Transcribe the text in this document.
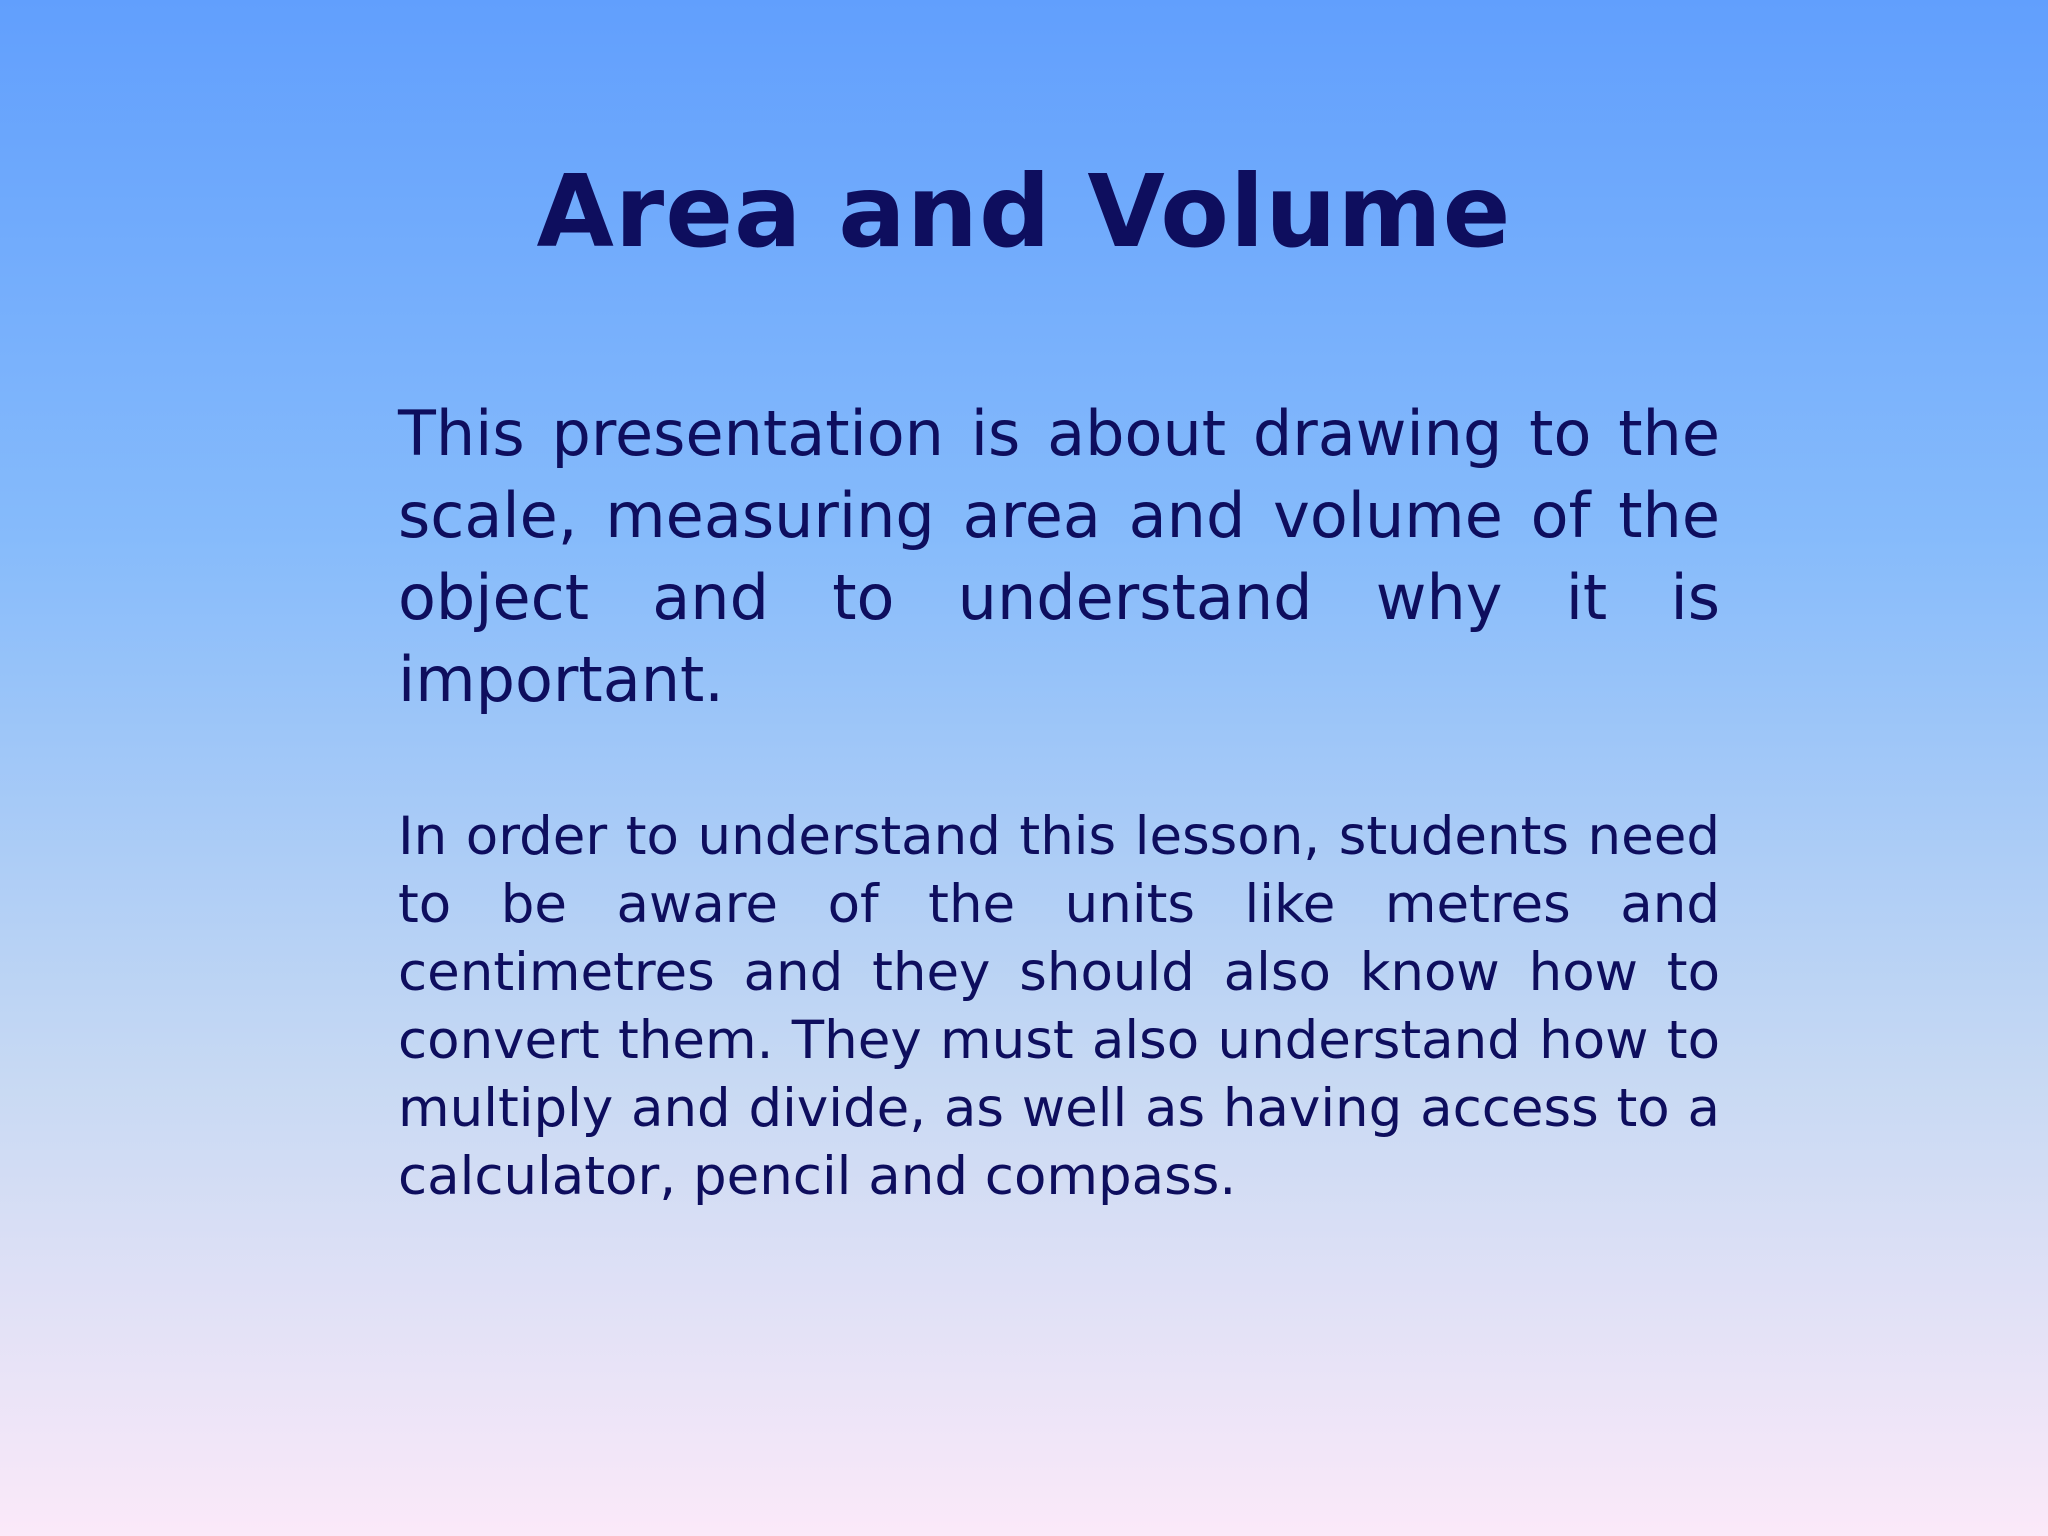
Area and Volume

This presentation is about drawing to the scale, measuring area and volume of the object and to understand why it is important.

In order to understand this lesson, students need to be aware of the units like metres and centimetres and they should also know how to convert them. They must also understand how to multiply and divide, as well as having access to a calculator, pencil and compass.
